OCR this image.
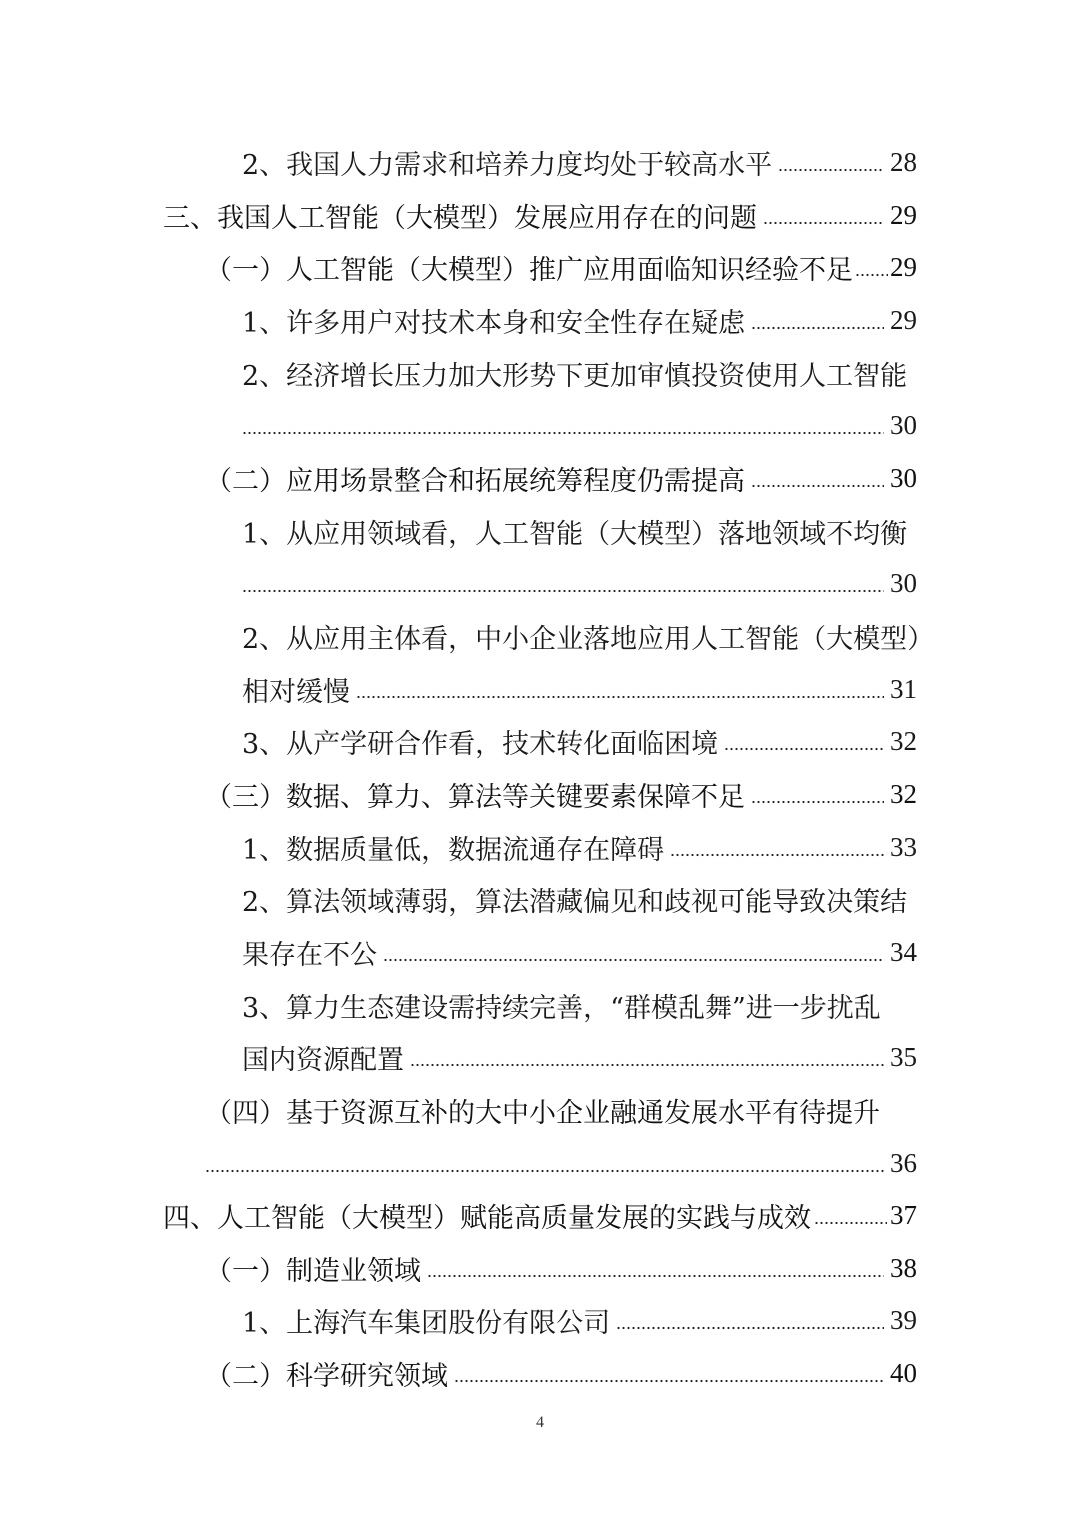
2、我国人力需求和培养力度均处于较高水平	28
三、我国人工智能（大模型）发展应用存在的问题	29
（一）人工智能（大模型）推广应用面临知识经验不足 29
1、许多用户对技术本身和安全性存在疑虑	29
2、经济增长压力加大形势下更加审慎投资使用人工智能
30
（二）应用场景整合和拓展统筹程度仍需提高	30
1、从应用领域看，人工智能（大模型）落地领域不均衡
30
2、从应用主体看，中小企业落地应用人工智能（大模型）
相对缓慢	31
3、从产学研合作看，技术转化面临困境	32
（三）数据、算力、算法等关键要素保障不足	32
1、数据质量低，数据流通存在障碍	33
2、算法领域薄弱，算法潜藏偏见和歧视可能导致决策结
果存在不公	34
3、算力生态建设需持续完善，“群模乱舞”进一步扰乱
国内资源配置	35
（四）基于资源互补的大中小企业融通发展水平有待提升
36
四、人工智能（大模型）赋能高质量发展的实践与成效	37
（一）制造业领域	38
1、上海汽车集团股份有限公司	39
（二）科学研究领域	40
4
